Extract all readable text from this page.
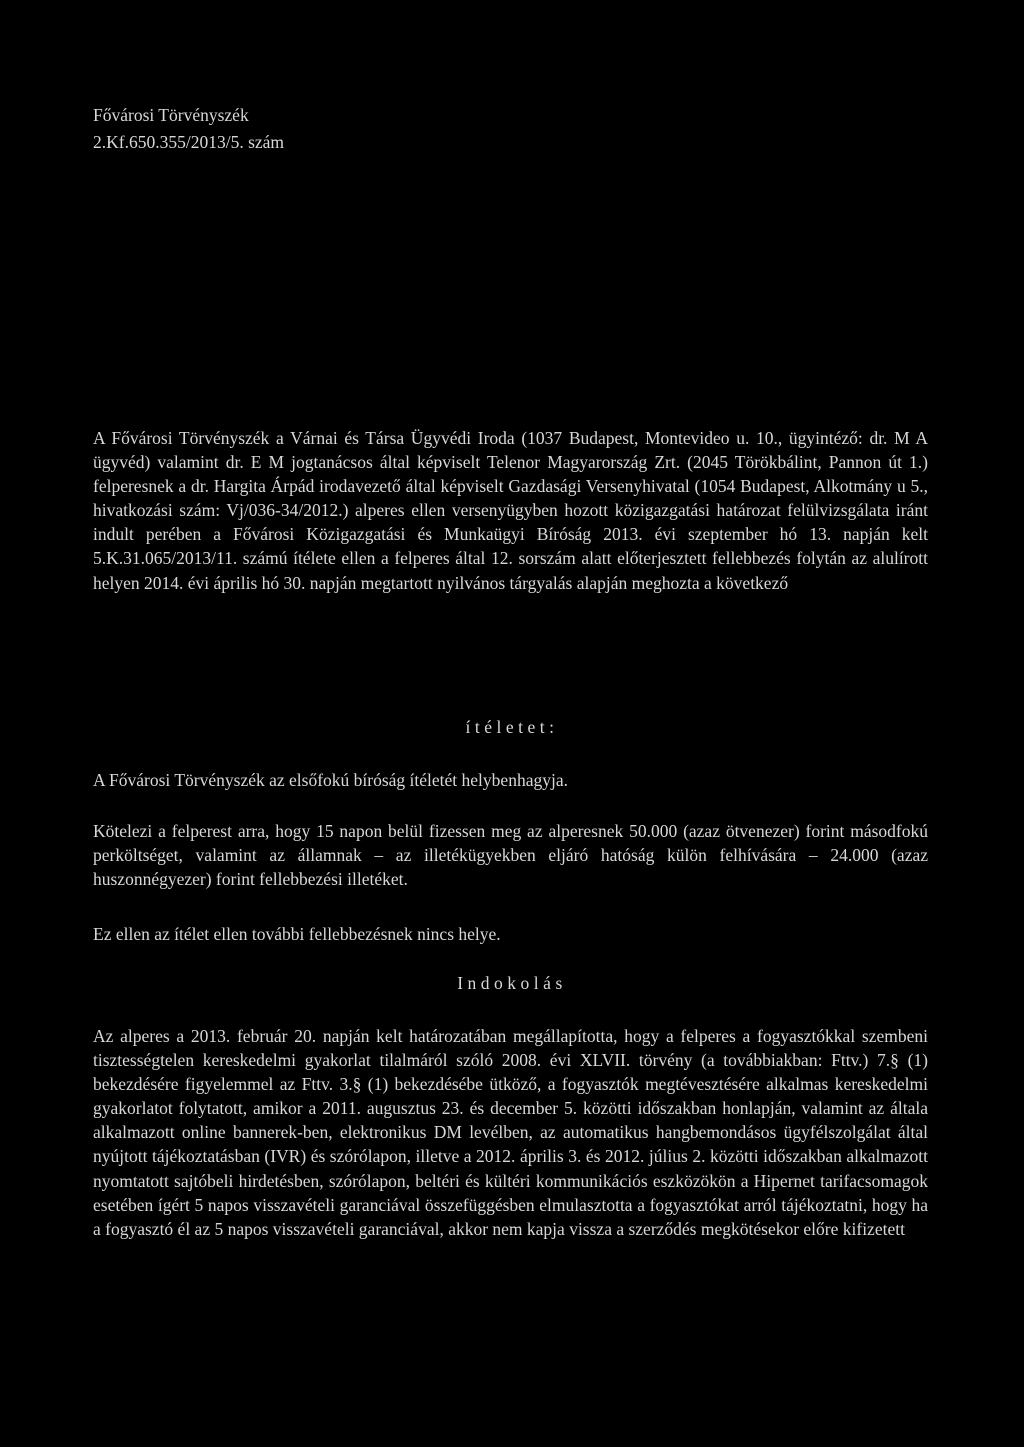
Fővárosi Törvényszék
2.Kf.650.355/2013/5. szám
A Fővárosi Törvényszék a Várnai és Társa Ügyvédi Iroda (1037 Budapest, Montevideo u. 10., ügyintéző: dr. M A ügyvéd) valamint dr. E M jogtanácsos által képviselt Telenor Magyarország Zrt. (2045 Törökbálint, Pannon út 1.) felperesnek a dr. Hargita Árpád irodavezető által képviselt Gazdasági Versenyhivatal (1054 Budapest, Alkotmány u 5., hivatkozási szám: Vj/036-34/2012.) alperes ellen versenyügyben hozott közigazgatási határozat felülvizsgálata iránt indult perében a Fővárosi Közigazgatási és Munkaügyi Bíróság 2013. évi szeptember hó 13. napján kelt 5.K.31.065/2013/11. számú ítélete ellen a felperes által 12. sorszám alatt előterjesztett fellebbezés folytán az alulírott helyen 2014. évi április hó 30. napján megtartott nyilvános tárgyalás alapján meghozta a következő
ítéletet:
A Fővárosi Törvényszék az elsőfokú bíróság ítéletét helybenhagyja.
Kötelezi a felperest arra, hogy 15 napon belül fizessen meg az alperesnek 50.000 (azaz ötvenezer) forint másodfokú perköltséget, valamint az államnak – az illetékügyekben eljáró hatóság külön felhívására – 24.000 (azaz huszonnégyezer) forint fellebbezési illetéket.
Ez ellen az ítélet ellen további fellebbezésnek nincs helye.
Indokolás
Az alperes a 2013. február 20. napján kelt határozatában megállapította, hogy a felperes a fogyasztókkal szembeni tisztességtelen kereskedelmi gyakorlat tilalmáról szóló 2008. évi XLVII. törvény (a továbbiakban: Fttv.) 7.§ (1) bekezdésére figyelemmel az Fttv. 3.§ (1) bekezdésébe ütköző, a fogyasztók megtévesztésére alkalmas kereskedelmi gyakorlatot folytatott, amikor a 2011. augusztus 23. és december 5. közötti időszakban honlapján, valamint az általa alkalmazott online bannerek-ben, elektronikus DM levélben, az automatikus hangbemondásos ügyfélszolgálat által nyújtott tájékoztatásban (IVR) és szórólapon, illetve a 2012. április 3. és 2012. július 2. közötti időszakban alkalmazott nyomtatott sajtóbeli hirdetésben, szórólapon, beltéri és kültéri kommunikációs eszközökön a Hipernet tarifacsomagok esetében ígért 5 napos visszavételi garanciával összefüggésben elmulasztotta a fogyasztókat arról tájékoztatni, hogy ha a fogyasztó él az 5 napos visszavételi garanciával, akkor nem kapja vissza a szerződés megkötésekor előre kifizetett
